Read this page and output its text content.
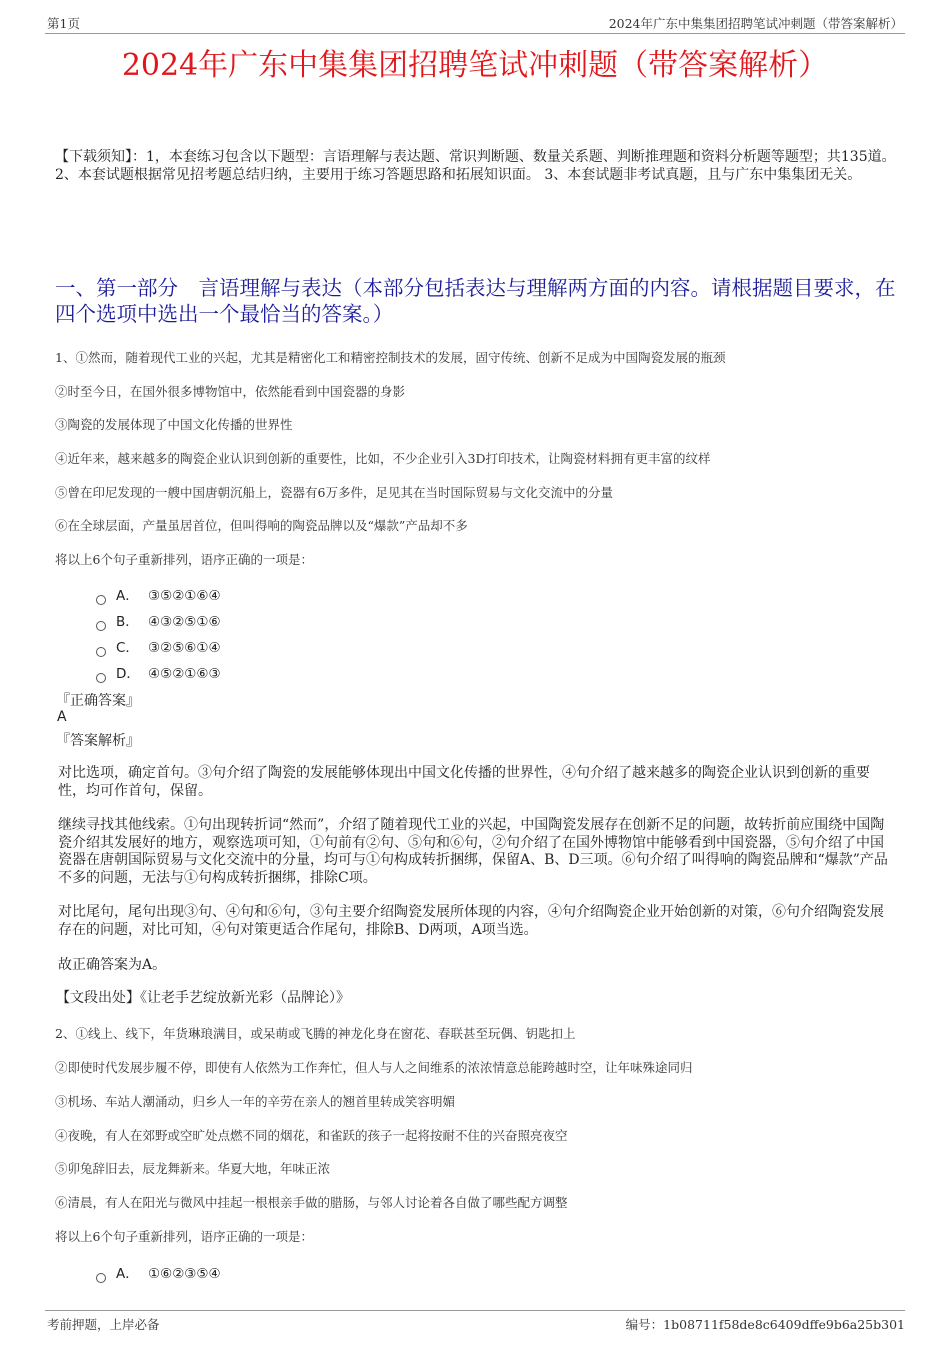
第1页	2024年广东中集集团招聘笔试冲刺题（带答案解析）
2024年广东中集集团招聘笔试冲刺题（带答案解析）
【下载须知】：1，本套练习包含以下题型：言语理解与表达题、常识判断题、数量关系题、判断推理题和资料分析题等题型；共135道。 2、本套试题根据常见招考题总结归纳，主要用于练习答题思路和拓展知识面。 3、本套试题非考试真题，且与广东中集集团无关。
一、第一部分　言语理解与表达（本部分包括表达与理解两方面的内容。请根据题目要求，在四个选项中选出一个最恰当的答案。）
1、①然而，随着现代工业的兴起，尤其是精密化工和精密控制技术的发展，固守传统、创新不足成为中国陶瓷发展的瓶颈
②时至今日，在国外很多博物馆中，依然能看到中国瓷器的身影
③陶瓷的发展体现了中国文化传播的世界性
④近年来，越来越多的陶瓷企业认识到创新的重要性，比如，不少企业引入3D打印技术，让陶瓷材料拥有更丰富的纹样
⑤曾在印尼发现的一艘中国唐朝沉船上，瓷器有6万多件，足见其在当时国际贸易与文化交流中的分量
⑥在全球层面，产量虽居首位，但叫得响的陶瓷品牌以及“爆款”产品却不多
将以上6个句子重新排列，语序正确的一项是：
A． ③⑤②①⑥④
B． ④③②⑤①⑥
C． ③②⑤⑥①④
D． ④⑤②①⑥③
『正确答案』
A
『答案解析』
对比选项，确定首句。③句介绍了陶瓷的发展能够体现出中国文化传播的世界性，④句介绍了越来越多的陶瓷企业认识到创新的重要性，均可作首句，保留。
继续寻找其他线索。①句出现转折词“然而”，介绍了随着现代工业的兴起，中国陶瓷发展存在创新不足的问题，故转折前应围绕中国陶瓷介绍其发展好的地方，观察选项可知，①句前有②句、⑤句和⑥句，②句介绍了在国外博物馆中能够看到中国瓷器，⑤句介绍了中国瓷器在唐朝国际贸易与文化交流中的分量，均可与①句构成转折捆绑，保留A、B、D三项。⑥句介绍了叫得响的陶瓷品牌和“爆款”产品不多的问题，无法与①句构成转折捆绑，排除C项。
对比尾句，尾句出现③句、④句和⑥句，③句主要介绍陶瓷发展所体现的内容，④句介绍陶瓷企业开始创新的对策，⑥句介绍陶瓷发展存在的问题，对比可知，④句对策更适合作尾句，排除B、D两项，A项当选。
故正确答案为A。
【文段出处】《让老手艺绽放新光彩（品牌论）》
2、①线上、线下，年货琳琅满目，或呆萌或飞腾的神龙化身在窗花、春联甚至玩偶、钥匙扣上
②即使时代发展步履不停，即使有人依然为工作奔忙，但人与人之间维系的浓浓情意总能跨越时空，让年味殊途同归
③机场、车站人潮涌动，归乡人一年的辛劳在亲人的翘首里转成笑容明媚
④夜晚，有人在郊野或空旷处点燃不同的烟花，和雀跃的孩子一起将按耐不住的兴奋照亮夜空
⑤卯兔辞旧去，辰龙舞新来。华夏大地，年味正浓
⑥清晨，有人在阳光与微风中挂起一根根亲手做的腊肠，与邻人讨论着各自做了哪些配方调整
将以上6个句子重新排列，语序正确的一项是：
A． ①⑥②③⑤④
考前押题，上岸必备	编号：1b08711f58de8c6409dffe9b6a25b301
